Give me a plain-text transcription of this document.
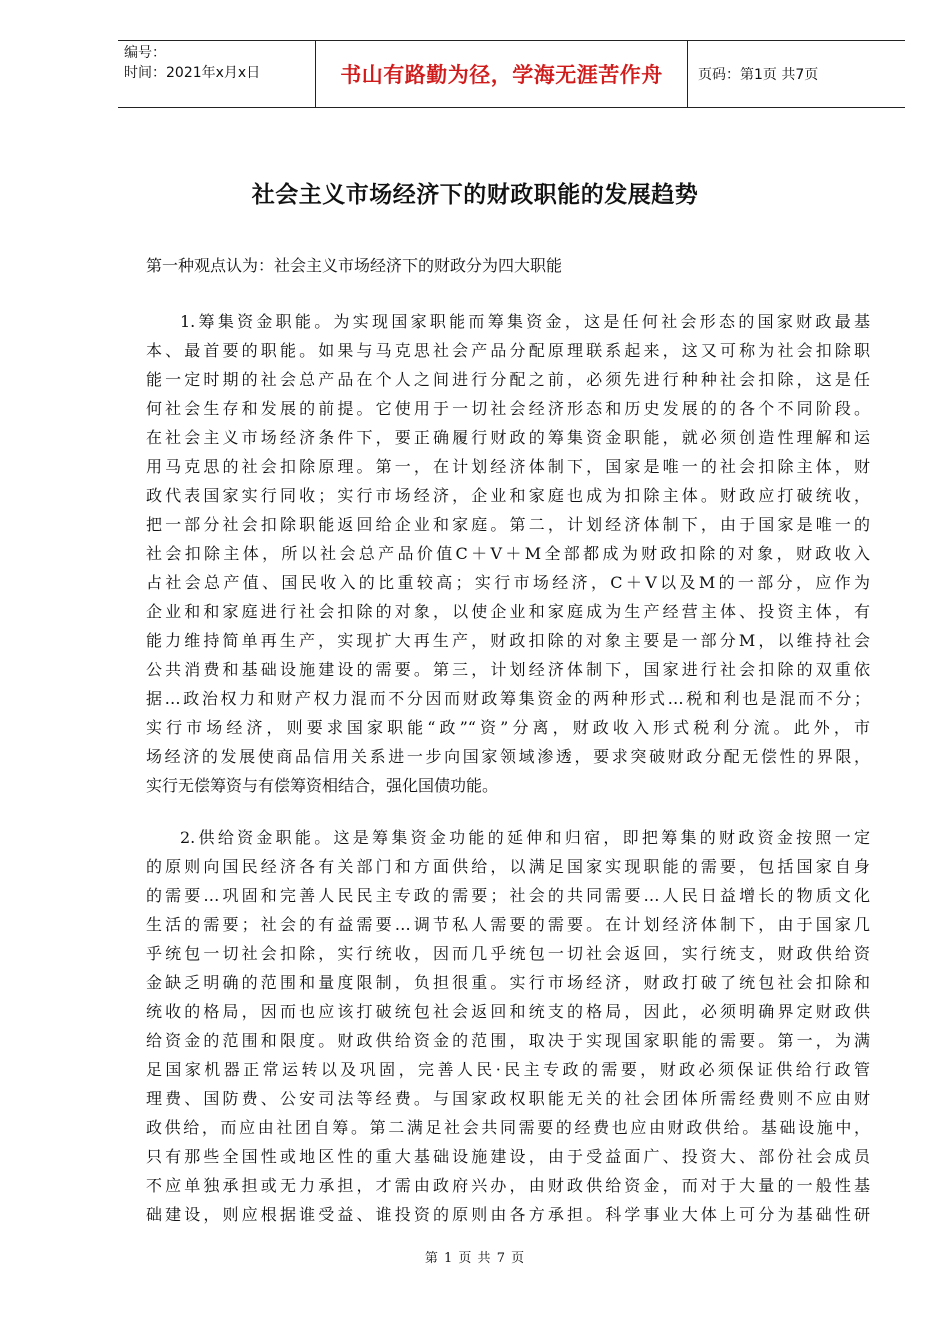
编号：
时间：2021年x月x日	书山有路勤为径，学海无涯苦作舟	页码：第1页 共7页
社会主义市场经济下的财政职能的发展趋势
第一种观点认为：社会主义市场经济下的财政分为四大职能
1.筹集资金职能。为实现国家职能而筹集资金，这是任何社会形态的国家财政最基
本、最首要的职能。如果与马克思社会产品分配原理联系起来，这又可称为社会扣除职
能一定时期的社会总产品在个人之间进行分配之前，必须先进行种种社会扣除，这是任
何社会生存和发展的前提。它使用于一切社会经济形态和历史发展的的各个不同阶段。
在社会主义市场经济条件下，要正确履行财政的筹集资金职能，就必须创造性理解和运
用马克思的社会扣除原理。第一，在计划经济体制下，国家是唯一的社会扣除主体，财
政代表国家实行同收；实行市场经济，企业和家庭也成为扣除主体。财政应打破统收，
把一部分社会扣除职能返回给企业和家庭。第二，计划经济体制下，由于国家是唯一的
社会扣除主体，所以社会总产品价值C＋V＋M全部都成为财政扣除的对象，财政收入
占社会总产值、国民收入的比重较高；实行市场经济，C＋V以及M的一部分，应作为
企业和和家庭进行社会扣除的对象，以使企业和家庭成为生产经营主体、投资主体，有
能力维持简单再生产，实现扩大再生产，财政扣除的对象主要是一部分M，以维持社会
公共消费和基础设施建设的需要。第三，计划经济体制下，国家进行社会扣除的双重依
据…政治权力和财产权力混而不分因而财政筹集资金的两种形式…税和利也是混而不分；
实行市场经济，则要求国家职能“政”“资”分离，财政收入形式税利分流。此外，市
场经济的发展使商品信用关系进一步向国家领域渗透，要求突破财政分配无偿性的界限，
实行无偿筹资与有偿筹资相结合，强化国债功能。
2.供给资金职能。这是筹集资金功能的延伸和归宿，即把筹集的财政资金按照一定
的原则向国民经济各有关部门和方面供给，以满足国家实现职能的需要，包括国家自身
的需要…巩固和完善人民民主专政的需要；社会的共同需要…人民日益增长的物质文化
生活的需要；社会的有益需要…调节私人需要的需要。在计划经济体制下，由于国家几
乎统包一切社会扣除，实行统收，因而几乎统包一切社会返回，实行统支，财政供给资
金缺乏明确的范围和量度限制，负担很重。实行市场经济，财政打破了统包社会扣除和
统收的格局，因而也应该打破统包社会返回和统支的格局，因此，必须明确界定财政供
给资金的范围和限度。财政供给资金的范围，取决于实现国家职能的需要。第一，为满
足国家机器正常运转以及巩固，完善人民·民主专政的需要，财政必须保证供给行政管
理费、国防费、公安司法等经费。与国家政权职能无关的社会团体所需经费则不应由财
政供给，而应由社团自筹。第二满足社会共同需要的经费也应由财政供给。基础设施中，
只有那些全国性或地区性的重大基础设施建设，由于受益面广、投资大、部份社会成员
不应单独承担或无力承担，才需由政府兴办，由财政供给资金，而对于大量的一般性基
础建设，则应根据谁受益、谁投资的原则由各方承担。科学事业大体上可分为基础性研
第 1 页 共 7 页
